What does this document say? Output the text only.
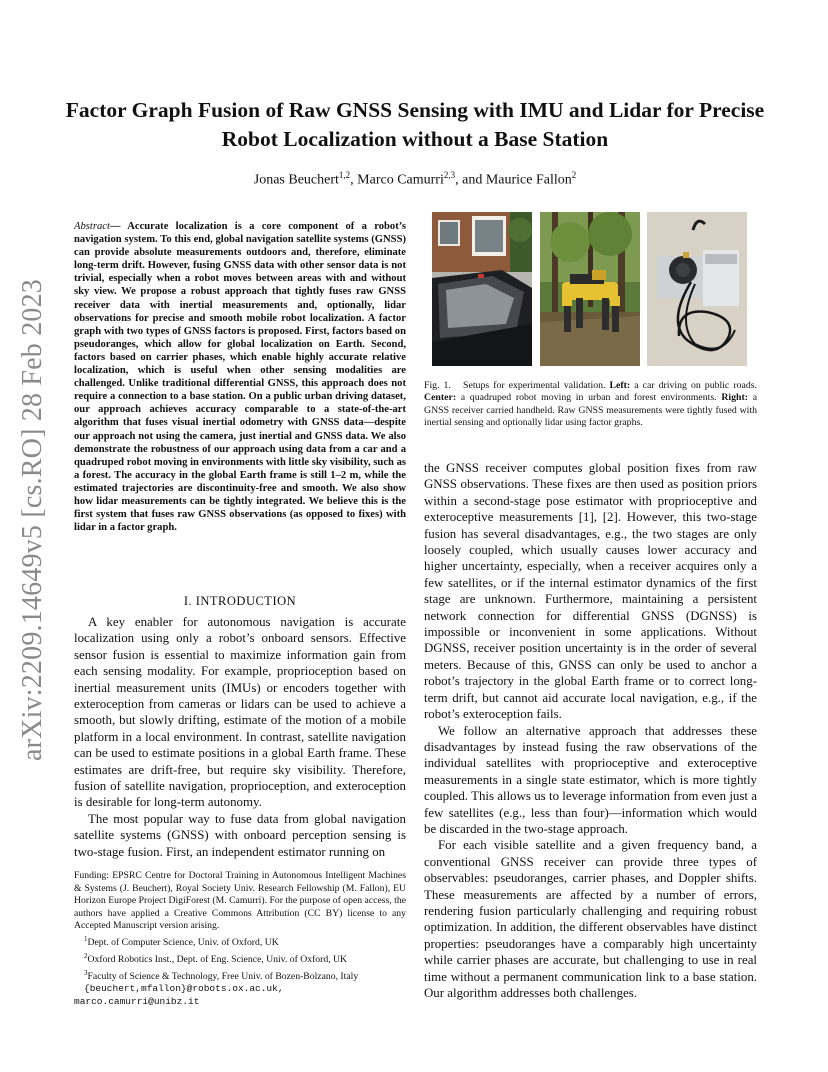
arXiv:2209.14649v5 [cs.RO] 28 Feb 2023
Factor Graph Fusion of Raw GNSS Sensing with IMU and Lidar for Precise Robot Localization without a Base Station
Jonas Beuchert$^{1,2}$, Marco Camurri$^{2,3}$, and Maurice Fallon$^2$
Abstract— Accurate localization is a core component of a robot’s navigation system. To this end, global navigation satellite systems (GNSS) can provide absolute measurements outdoors and, therefore, eliminate long-term drift. However, fusing GNSS data with other sensor data is not trivial, especially when a robot moves between areas with and without sky view. We propose a robust approach that tightly fuses raw GNSS receiver data with inertial measurements and, optionally, lidar observations for precise and smooth mobile robot localization. A factor graph with two types of GNSS factors is proposed. First, factors based on pseudoranges, which allow for global localization on Earth. Second, factors based on carrier phases, which enable highly accurate relative localization, which is useful when other sensing modalities are challenged. Unlike traditional differential GNSS, this approach does not require a connection to a base station. On a public urban driving dataset, our approach achieves accuracy comparable to a state-of-the-art algorithm that fuses visual inertial odometry with GNSS data—despite our approach not using the camera, just inertial and GNSS data. We also demonstrate the robustness of our approach using data from a car and a quadruped robot moving in environments with little sky visibility, such as a forest. The accuracy in the global Earth frame is still 1–2 m, while the estimated trajectories are discontinuity-free and smooth. We also show how lidar measurements can be tightly integrated. We believe this is the first system that fuses raw GNSS observations (as opposed to fixes) with lidar in a factor graph.
I. INTRODUCTION

A key enabler for autonomous navigation is accurate localization using only a robot’s onboard sensors. Effective sensor fusion is essential to maximize information gain from each sensing modality. For example, proprioception based on inertial measurement units (IMUs) or encoders together with exteroception from cameras or lidars can be used to achieve a smooth, but slowly drifting, estimate of the motion of a mobile platform in a local environment. In contrast, satellite navigation can be used to estimate positions in a global Earth frame. These estimates are drift-free, but require sky visibility. Therefore, fusion of satellite navigation, proprioception, and exteroception is desirable for long-term autonomy.

The most popular way to fuse data from global navigation satellite systems (GNSS) with onboard perception sensing is two-stage fusion. First, an independent estimator running on

Funding: EPSRC Centre for Doctoral Training in Autonomous Intelligent Machines & Systems (J. Beuchert), Royal Society Univ. Research Fellowship (M. Fallon), EU Horizon Europe Project DigiForest (M. Camurri). For the purpose of open access, the authors have applied a Creative Commons Attribution (CC BY) license to any Accepted Manuscript version arising.

$^1$Dept. of Computer Science, Univ. of Oxford, UK

$^2$Oxford Robotics Inst., Dept. of Eng. Science, Univ. of Oxford, UK

$^3$Faculty of Science & Technology, Free Univ. of Bozen-Bolzano, Italy

{beuchert,mfallon}@robots.ox.ac.uk,

marco.camurri@unibz.it

Fig. 1. Setups for experimental validation. Left: a car driving on public roads. Center: a quadruped robot moving in urban and forest environments. Right: a GNSS receiver carried handheld. Raw GNSS measurements were tightly fused with inertial sensing and optionally lidar using factor graphs.

the GNSS receiver computes global position fixes from raw GNSS observations. These fixes are then used as position priors within a second-stage pose estimator with proprioceptive and exteroceptive measurements [1], [2]. However, this two-stage fusion has several disadvantages, e.g., the two stages are only loosely coupled, which usually causes lower accuracy and higher uncertainty, especially, when a receiver acquires only a few satellites, or if the internal estimator dynamics of the first stage are unknown. Furthermore, maintaining a persistent network connection for differential GNSS (DGNSS) is impossible or inconvenient in some applications. Without DGNSS, receiver position uncertainty is in the order of several meters. Because of this, GNSS can only be used to anchor a robot’s trajectory in the global Earth frame or to correct long-term drift, but cannot aid accurate local navigation, e.g., if the robot’s exteroception fails.

We follow an alternative approach that addresses these disadvantages by instead fusing the raw observations of the individual satellites with proprioceptive and exteroceptive measurements in a single state estimator, which is more tightly coupled. This allows us to leverage information from even just a few satellites (e.g., less than four)—information which would be discarded in the two-stage approach.

For each visible satellite and a given frequency band, a conventional GNSS receiver can provide three types of observables: pseudoranges, carrier phases, and Doppler shifts. These measurements are affected by a number of errors, rendering fusion particularly challenging and requiring robust optimization. In addition, the different observables have distinct properties: pseudoranges have a comparably high uncertainty while carrier phases are accurate, but challenging to use in real time without a permanent communication link to a base station. Our algorithm addresses both challenges.
